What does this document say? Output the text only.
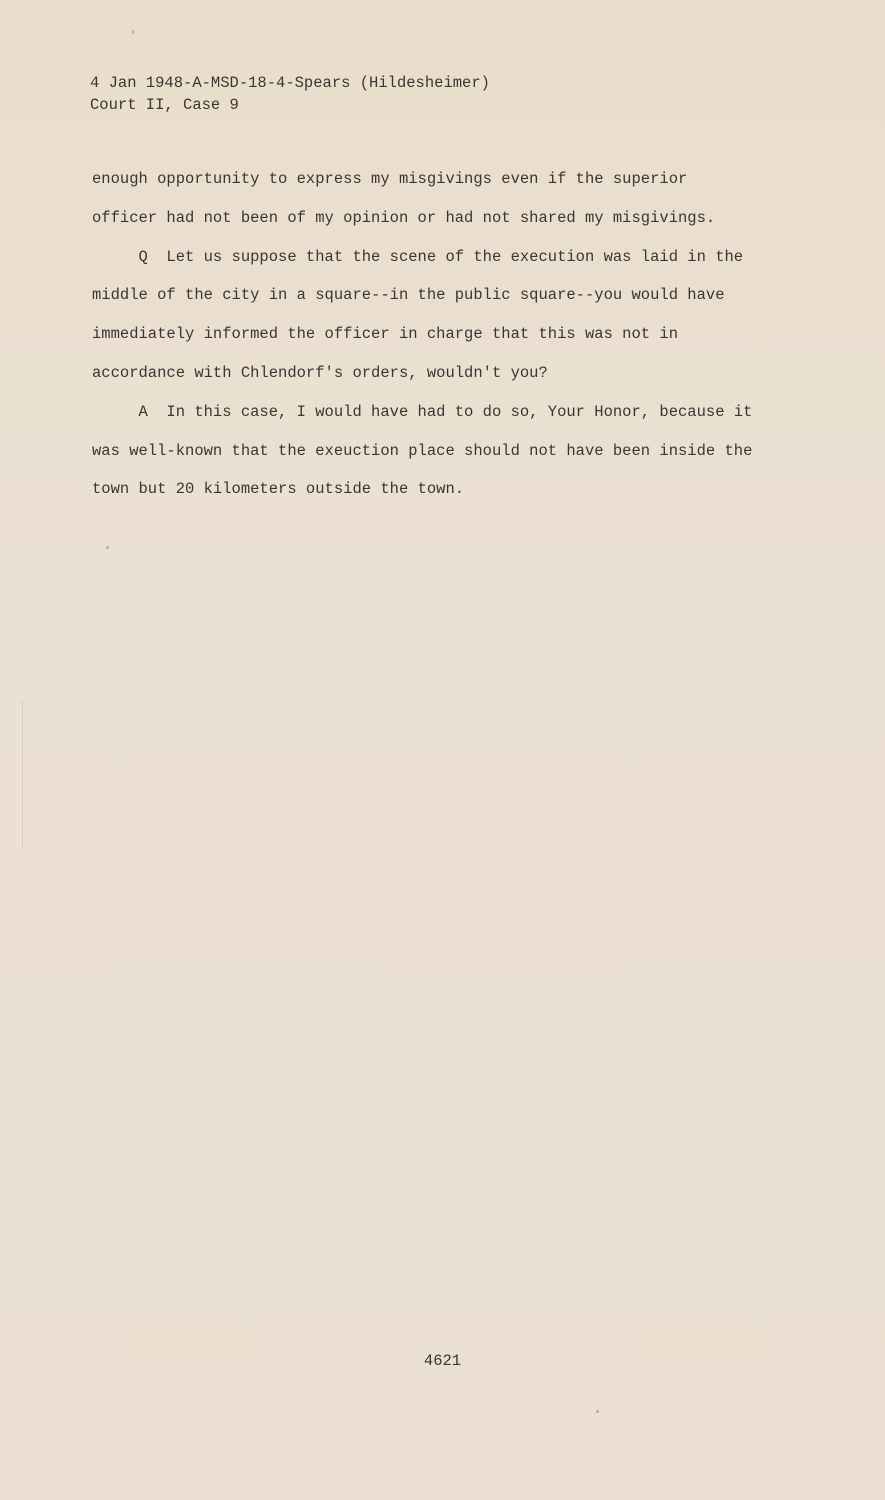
4 Jan 1948-A-MSD-18-4-Spears (Hildesheimer)
Court II, Case 9
enough opportunity to express my misgivings even if the superior
officer had not been of my opinion or had not shared my misgivings.
Q  Let us suppose that the scene of the execution was laid in the
middle of the city in a square--in the public square--you would have
immediately informed the officer in charge that this was not in
accordance with Chlendorf's orders, wouldn't you?
A  In this case, I would have had to do so, Your Honor, because it
was well-known that the exeuction place should not have been inside the
town but 20 kilometers outside the town.
4621
